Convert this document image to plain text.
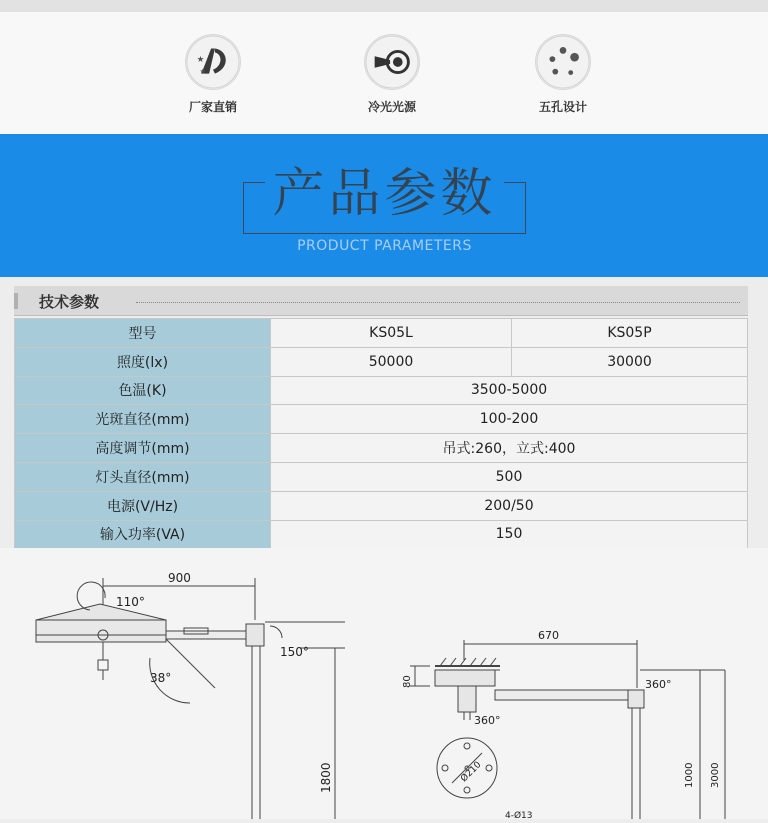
★
★
厂家直销	冷光光源	五孔设计
产品参数
PRODUCT PARAMETERS
技术参数
型号	KS05L	KS05P
照度(lx)	50000	30000
色温(K)	3500-5000	
光斑直径(mm)	100-200	
高度调节(mm)	吊式:260，立式:400	
灯头直径(mm)	500	
电源(V/Hz)	200/50	
输入功率(VA)	150	
900
110°
150°
38°
1800
670
80	360°
360°
1000 3000
Ø210
4-Ø13
